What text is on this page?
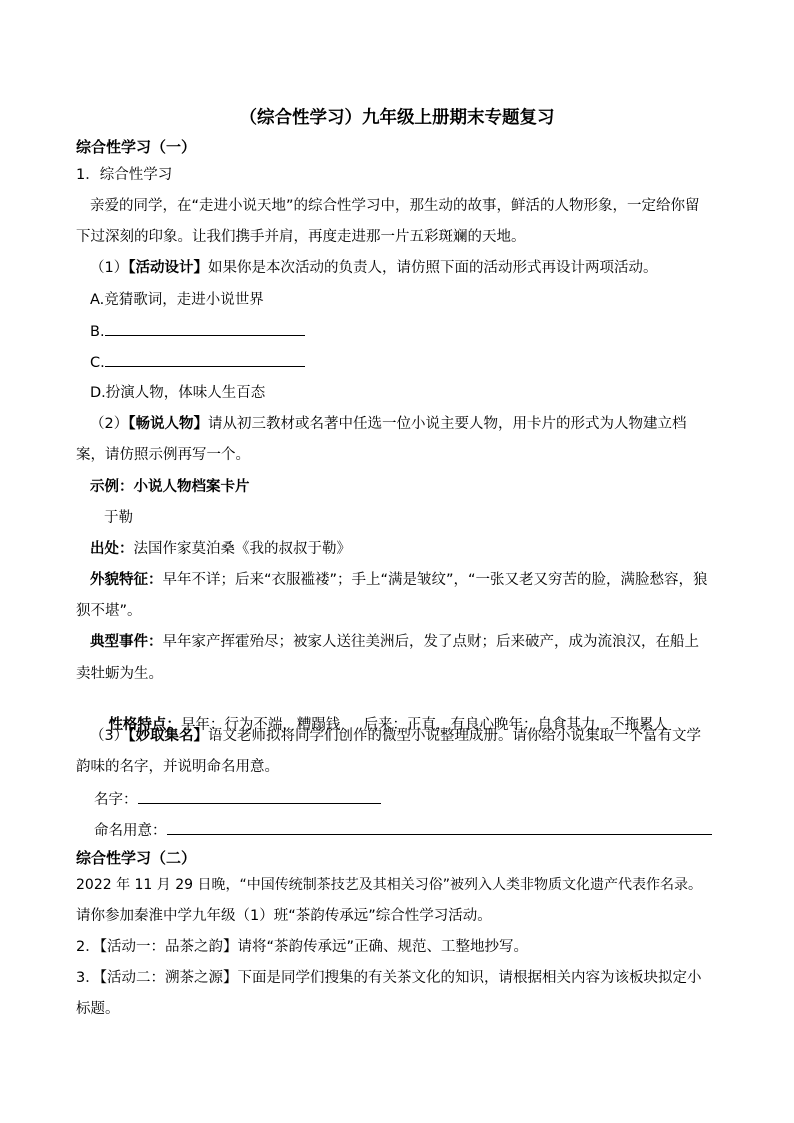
（综合性学习）九年级上册期末专题复习
综合性学习（一）
1．综合性学习
亲爱的同学，在“走进小说天地”的综合性学习中，那生动的故事，鲜活的人物形象，一定给你留
下过深刻的印象。让我们携手并肩，再度走进那一片五彩斑斓的天地。
（1）【活动设计】如果你是本次活动的负责人，请仿照下面的活动形式再设计两项活动。
A.竞猜歌词，走进小说世界
B.
C.
D.扮演人物，体味人生百态
（2）【畅说人物】请从初三教材或名著中任选一位小说主要人物，用卡片的形式为人物建立档
案，请仿照示例再写一个。
示例：小说人物档案卡片
于勒
出处：法国作家莫泊桑《我的叔叔于勒》
外貌特征：早年不详；后来“衣服褴褛”；手上“满是皱纹”，“一张又老又穷苦的脸，满脸愁容，狼
狈不堪”。
典型事件：早年家产挥霍殆尽；被家人送往美洲后，发了点财；后来破产，成为流浪汉，在船上
卖牡蛎为生。

性格特点：早年：行为不端，糟蹋钱     后来：正直，有良心晚年：自食其力，不拖累人

（3）【妙取集名】语文老师拟将同学们创作的微型小说整理成册。请你给小说集取一个富有文学
韵味的名字，并说明命名用意。
名字：
命名用意：
综合性学习（二）
2022 年 11 月 29 日晚，“中国传统制茶技艺及其相关习俗”被列入人类非物质文化遗产代表作名录。
请你参加秦淮中学九年级（1）班“茶韵传承远”综合性学习活动。
2．【活动一：品茶之韵】请将“茶韵传承远”正确、规范、工整地抄写。
3．【活动二：溯茶之源】下面是同学们搜集的有关茶文化的知识，请根据相关内容为该板块拟定小
标题。
